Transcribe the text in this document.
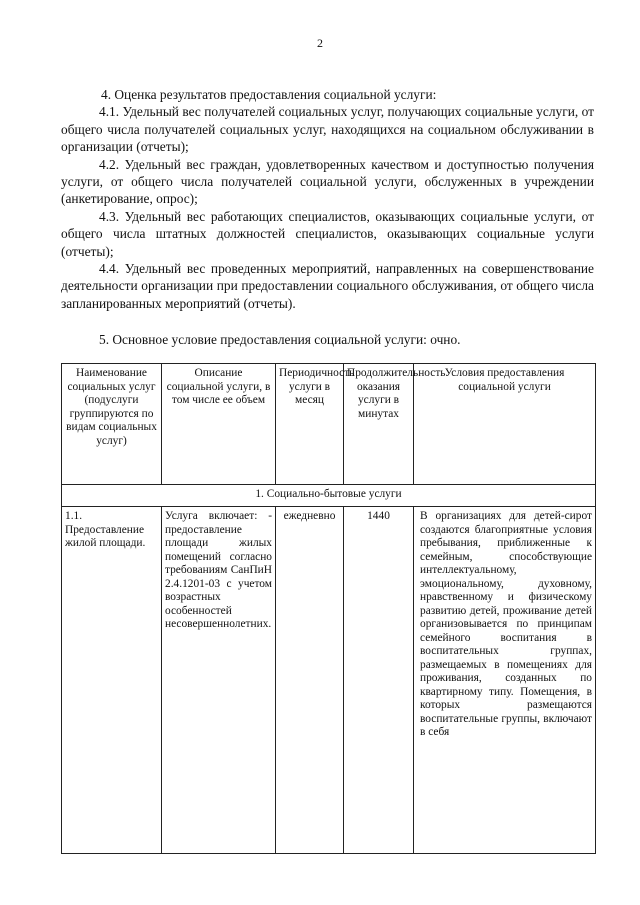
2

4. Оценка результатов предоставления социальной услуги:

4.1. Удельный вес получателей социальных услуг, получающих социальные услуги, от общего числа получателей социальных услуг, находящихся на социальном обслуживании в организации (отчеты);

4.2. Удельный вес граждан, удовлетворенных качеством и доступностью получения услуги, от общего числа получателей социальной услуги, обслуженных в учреждении (анкетирование, опрос);

4.3. Удельный вес работающих специалистов, оказывающих социальные услуги, от общего числа штатных должностей специалистов, оказывающих социальные услуги (отчеты);

4.4. Удельный вес проведенных мероприятий, направленных на совершенствование деятельности организации при предоставлении социального обслуживания, от общего числа запланированных мероприятий (отчеты).

5. Основное условие предоставления социальной услуги: очно.

Наименование социальных услуг (подуслуги группируются по видам социальных услуг)	Описание социальной услуги, в том числе ее объем	Периодичность услуги в месяц	Продолжительность оказания услуги в минутах	Условия предоставления социальной услуги
1. Социально-бытовые услуги				
1.1. Предоставление жилой площади.	Услуга включает: - предоставление площади жилых помещений согласно требованиям СанПиН 2.4.1201-03 с учетом возрастных особенностей несовершеннолетних.	ежедневно	1440	В организациях для детей-сирот создаются благоприятные условия пребывания, приближенные к семейным, способствующие интеллектуальному, эмоциональному, духовному, нравственному и физическому развитию детей, проживание детей организовывается по принципам семейного воспитания в воспитательных группах, размещаемых в помещениях для проживания, созданных по квартирному типу. Помещения, в которых размещаются воспитательные группы, включают в себя
